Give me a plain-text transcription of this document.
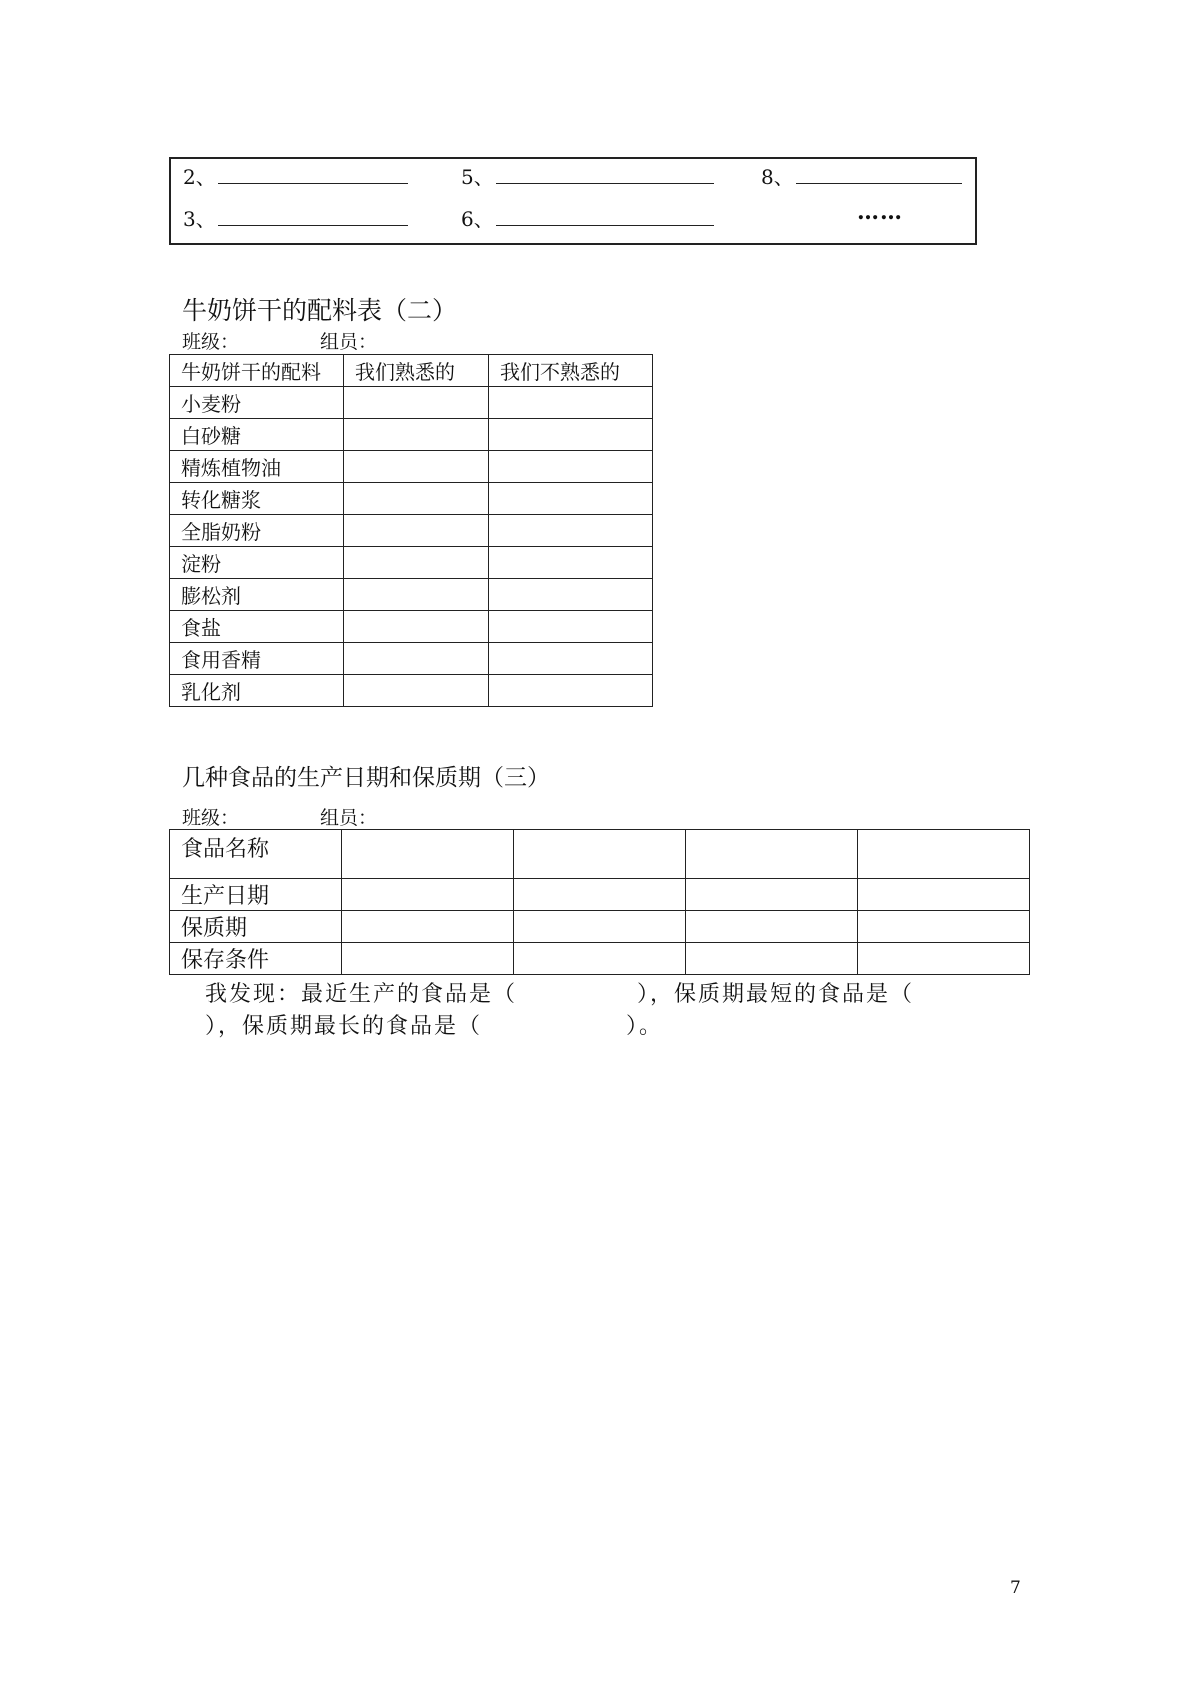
2、	5、	8、
3、	6、	……
牛奶饼干的配料表（二）
班级：	组员：
牛奶饼干的配料	我们熟悉的	我们不熟悉的
小麦粉		
白砂糖		
精炼植物油		
转化糖浆		
全脂奶粉		
淀粉		
膨松剂		
食盐		
食用香精		
乳化剂		
几种食品的生产日期和保质期（三）
班级：	组员：
食品名称				
生产日期				
保质期				
保存条件				
我发现：最近生产的食品是（　　　　　），保质期最短的食品是（
），保质期最长的食品是（　　　　　　）。
7
